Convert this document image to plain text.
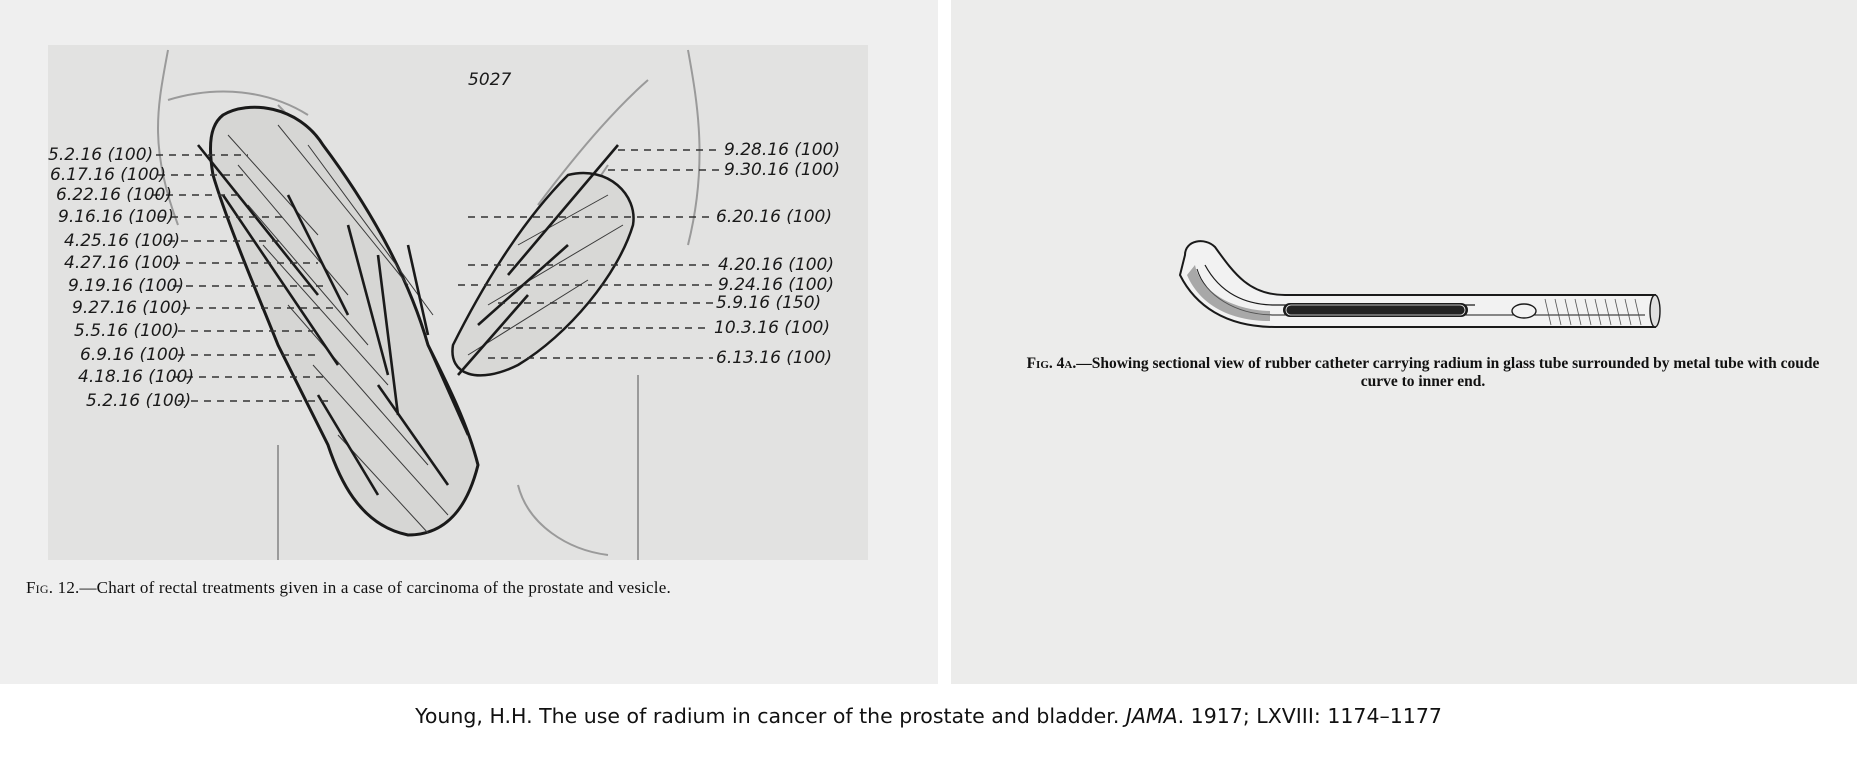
5027
5.2.16 (100)
6.17.16 (100)
6.22.16 (100)
9.16.16 (100)
4.25.16 (100)
4.27.16 (100)
9.19.16 (100)
9.27.16 (100)
5.5.16 (100)
6.9.16 (100)
4.18.16 (100)
5.2.16 (100)
9.28.16 (100)
9.30.16 (100)
6.20.16 (100)
4.20.16 (100)
9.24.16 (100)
5.9.16 (150)
10.3.16 (100)
6.13.16 (100)
Fig. 12.—Chart of rectal treatments given in a case of carcinoma of the prostate and vesicle.
Fig. 4a.—Showing sectional view of rubber catheter carrying radium in glass tube surrounded by metal tube with coude curve to inner end.
Young, H.H. The use of radium in cancer of the prostate and bladder. JAMA. 1917; LXVIII: 1174–1177
